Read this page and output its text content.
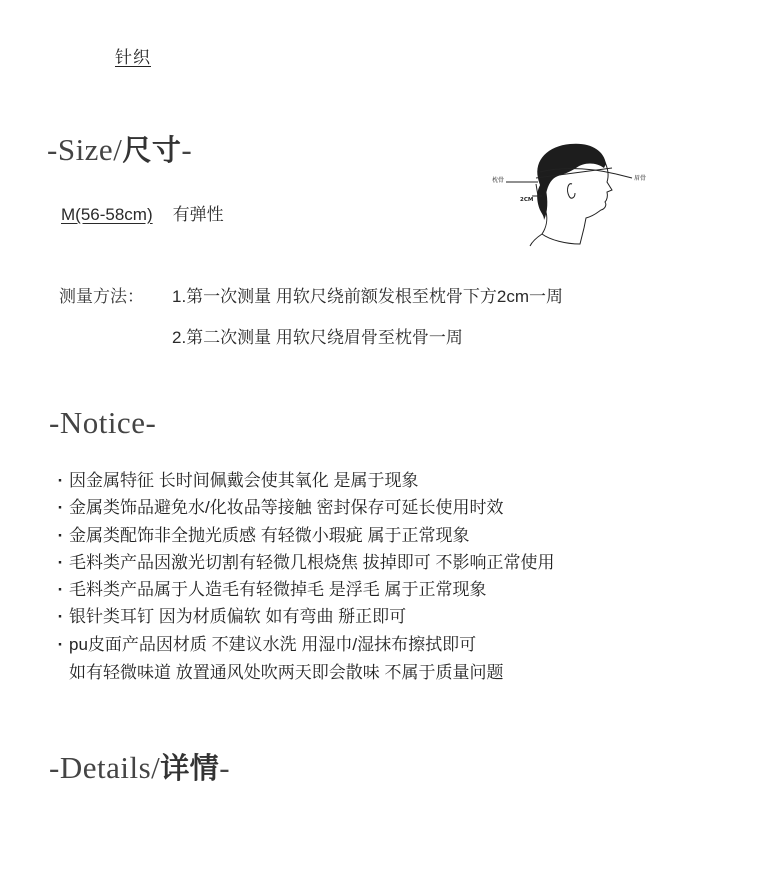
针织
-Size/尺寸-
M(56-58cm) 有弹性
枕骨	眉骨
2CM
测量方法： 1.第一次测量 用软尺绕前额发根至枕骨下方2cm一周
2.第二次测量 用软尺绕眉骨至枕骨一周
-Notice-
· 因金属特征 长时间佩戴会使其氧化 是属于现象
· 金属类饰品避免水/化妆品等接触 密封保存可延长使用时效
· 金属类配饰非全抛光质感 有轻微小瑕疵 属于正常现象
· 毛料类产品因激光切割有轻微几根烧焦 拔掉即可 不影响正常使用
· 毛料类产品属于人造毛有轻微掉毛 是浮毛 属于正常现象
· 银针类耳钉 因为材质偏软 如有弯曲 掰正即可
· pu皮面产品因材质 不建议水洗 用湿巾/湿抹布擦拭即可
如有轻微味道 放置通风处吹两天即会散味 不属于质量问题
-Details/详情-
